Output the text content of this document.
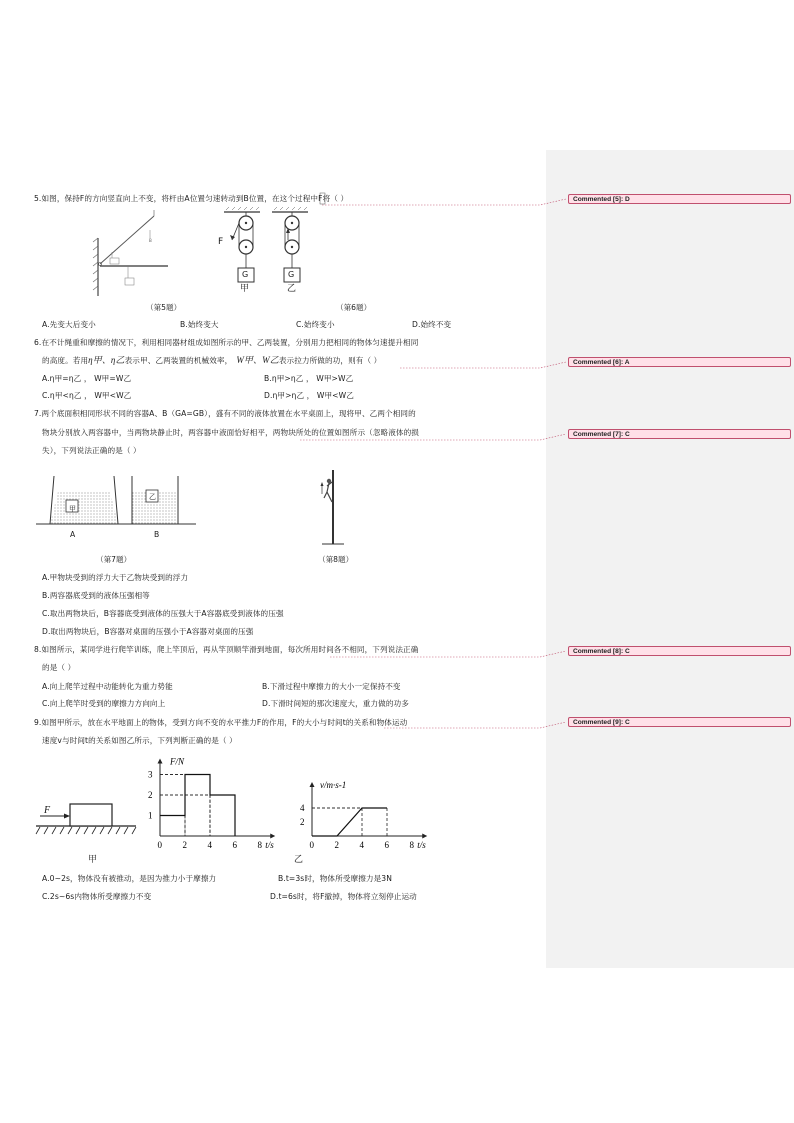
Commented [5]: D
Commented [6]: A
Commented [7]: C
Commented [8]: C
Commented [9]: C
5.如图，保持F的方向竖直向上不变，将杆由A位置匀速转动到B位置，在这个过程中F将（ ）
B	F
G
甲
G
乙
（第5题）	（第6题）
A.先变大后变小	B.始终变大	C.始终变小	D.始终不变
6.在不计绳重和摩擦的情况下，利用相同器材组成如图所示的甲、乙两装置，分别用力把相同的物体匀速提升相同
的高度。若用η甲、η乙表示甲、乙两装置的机械效率， W甲、W乙表示拉力所做的功，则有（ ）
A.η甲=η乙 ， W甲=W乙	B.η甲>η乙 ， W甲>W乙
C.η甲<η乙 ， W甲<W乙	D.η甲>η乙 ， W甲<W乙
7.两个底面积相同形状不同的容器A、B（GA=GB），盛有不同的液体放置在水平桌面上，现将甲、乙两个相同的
物块分别放入两容器中，当两物块静止时，两容器中液面恰好相平，两物块所处的位置如图所示（忽略液体的损
失），下列说法正确的是（ ）
甲
乙
A	B
（第7题）	（第8题）
A.甲物块受到的浮力大于乙物块受到的浮力
B.两容器底受到的液体压强相等
C.取出两物块后，B容器底受到液体的压强大于A容器底受到液体的压强
D.取出两物块后，B容器对桌面的压强小于A容器对桌面的压强
8.如图所示，某同学进行爬竿训练，爬上竿顶后，再从竿顶顺竿滑到地面，每次所用时间各不相同，下列说法正确
的是（ ）
A.向上爬竿过程中动能转化为重力势能	B.下滑过程中摩擦力的大小一定保持不变
C.向上爬竿时受到的摩擦力方向向上	D.下滑时间短的那次速度大，重力做的功多
9.如图甲所示，放在水平地面上的物体，受到方向不变的水平推力F的作用，F的大小与时间t的关系和物体运动
速度v与时间t的关系如图乙所示，下列判断正确的是（ ）
F
甲
0 2 4 6 8
1
2
3
t/s
F/N
0 2 4 6 8
2
4
t/s
v/m·s-1
乙
A.0~2s，物体没有被推动，是因为推力小于摩擦力	B.t=3s时，物体所受摩擦力是3N
C.2s~6s内物体所受摩擦力不变	D.t=6s时，将F撤掉，物体将立刻停止运动
